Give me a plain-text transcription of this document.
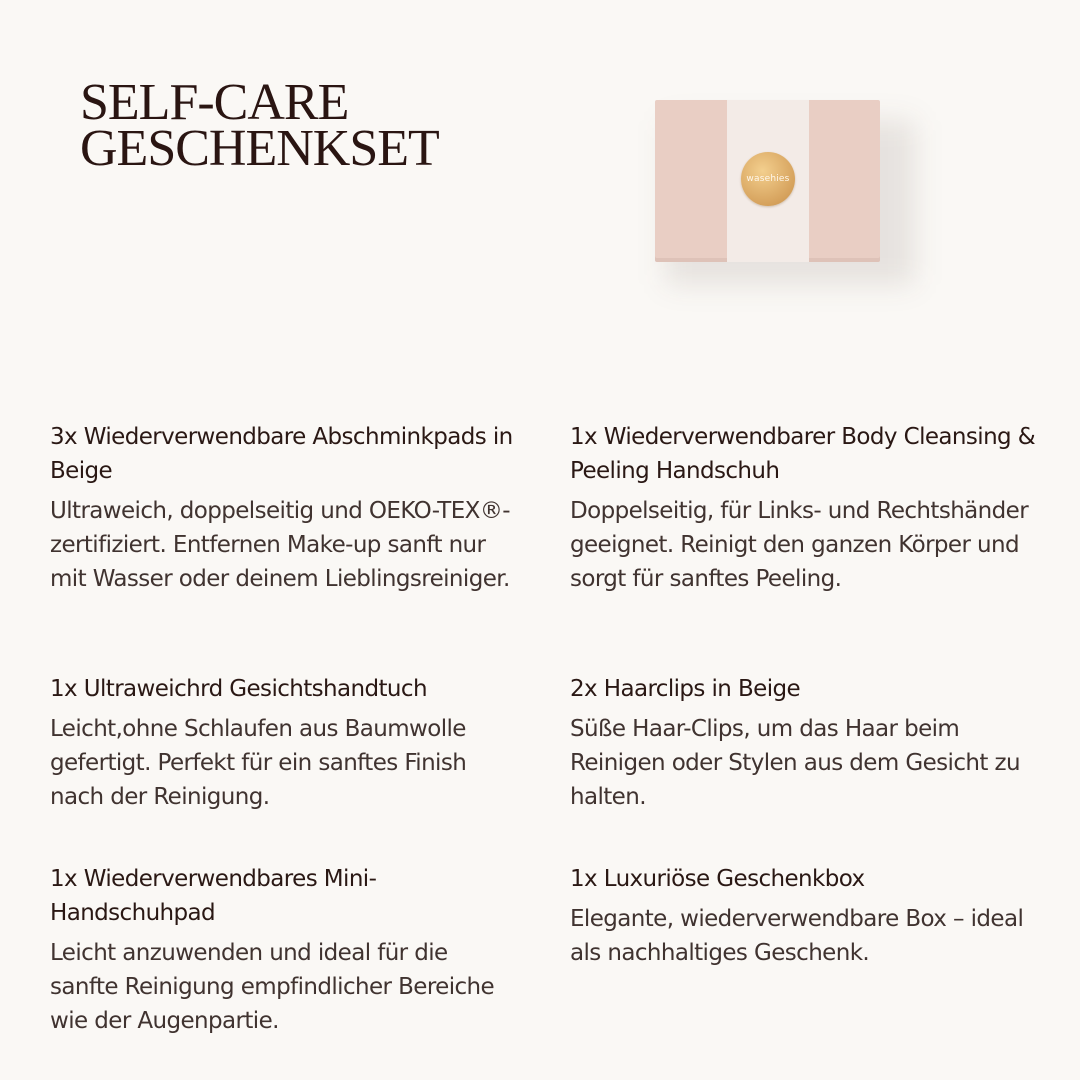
SELF-CARE
GESCHENKSET
wasehies
3x Wiederverwendbare Abschminkpads in Beige

Ultraweich, doppelseitig und OEKO-TEX®-zertifiziert. Entfernen Make-up sanft nur mit Wasser oder deinem Lieblingsreiniger.

1x Wiederverwendbarer Body Cleansing & Peeling Handschuh

Doppelseitig, für Links- und Rechtshänder geeignet. Reinigt den ganzen Körper und sorgt für sanftes Peeling.

1x Ultraweichrd Gesichtshandtuch

Leicht,ohne Schlaufen aus Baumwolle gefertigt. Perfekt für ein sanftes Finish nach der Reinigung.

2x Haarclips in Beige

Süße Haar-Clips, um das Haar beim Reinigen oder Stylen aus dem Gesicht zu halten.

1x Wiederverwendbares Mini-Handschuhpad

Leicht anzuwenden und ideal für die sanfte Reinigung empfindlicher Bereiche wie der Augenpartie.

1x Luxuriöse Geschenkbox

Elegante, wiederverwendbare Box – ideal als nachhaltiges Geschenk.
